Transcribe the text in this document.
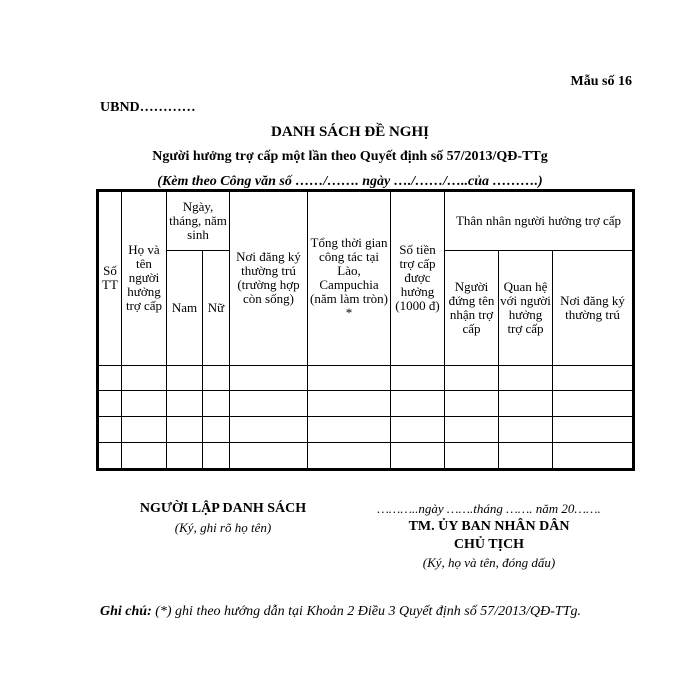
Mẫu số 16
UBND…………
DANH SÁCH ĐỀ NGHỊ
Người hưởng trợ cấp một lần theo Quyết định số 57/2013/QĐ-TTg
(Kèm theo Công văn số ……/……. ngày …./……/…..của ……….)
Số TT	Họ và tên người hưởng trợ cấp	Ngày, tháng, năm sinh		Nơi đăng ký thường trú (trường hợp còn sống)	Tổng thời gian công tác tại Lào, Campuchia (năm làm tròn) *	Số tiền trợ cấp được hưởng (1000 đ)	Thân nhân người hưởng trợ cấp		
		Nam	Nữ				Người đứng tên nhận trợ cấp	Quan hệ với người hưởng trợ cấp	Nơi đăng ký thường trú

NGƯỜI LẬP DANH SÁCH
(Ký, ghi rõ họ tên)
………..ngày …….tháng ……. năm 20…….
TM. ỦY BAN NHÂN DÂN
CHỦ TỊCH
(Ký, họ và tên, đóng dấu)
Ghi chú: (*) ghi theo hướng dẫn tại Khoản 2 Điều 3 Quyết định số 57/2013/QĐ-TTg.
